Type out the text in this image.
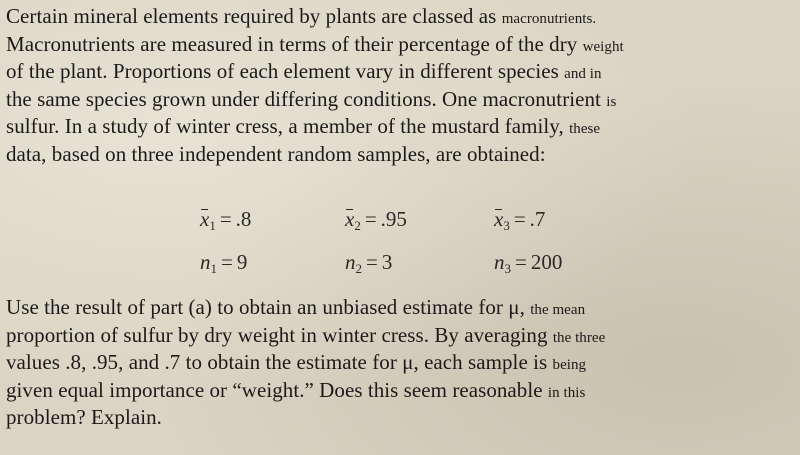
Certain mineral elements required by plants are classed as macronutrients.
Macronutrients are measured in terms of their percentage of the dry weight
of the plant. Proportions of each element vary in different species and in
the same species grown under differing conditions. One macronutrient is
sulfur. In a study of winter cress, a member of the mustard family, these
data, based on three independent random samples, are obtained:
$x_1 = .8$	$x_2 = .95$	$x_3 = .7$
$n_1 = 9$	$n_2 = 3$	$n_3 = 200$
Use the result of part (a) to obtain an unbiased estimate for μ, the mean
proportion of sulfur by dry weight in winter cress. By averaging the three
values .8, .95, and .7 to obtain the estimate for μ, each sample is being
given equal importance or “weight.” Does this seem reasonable in this
problem? Explain.
